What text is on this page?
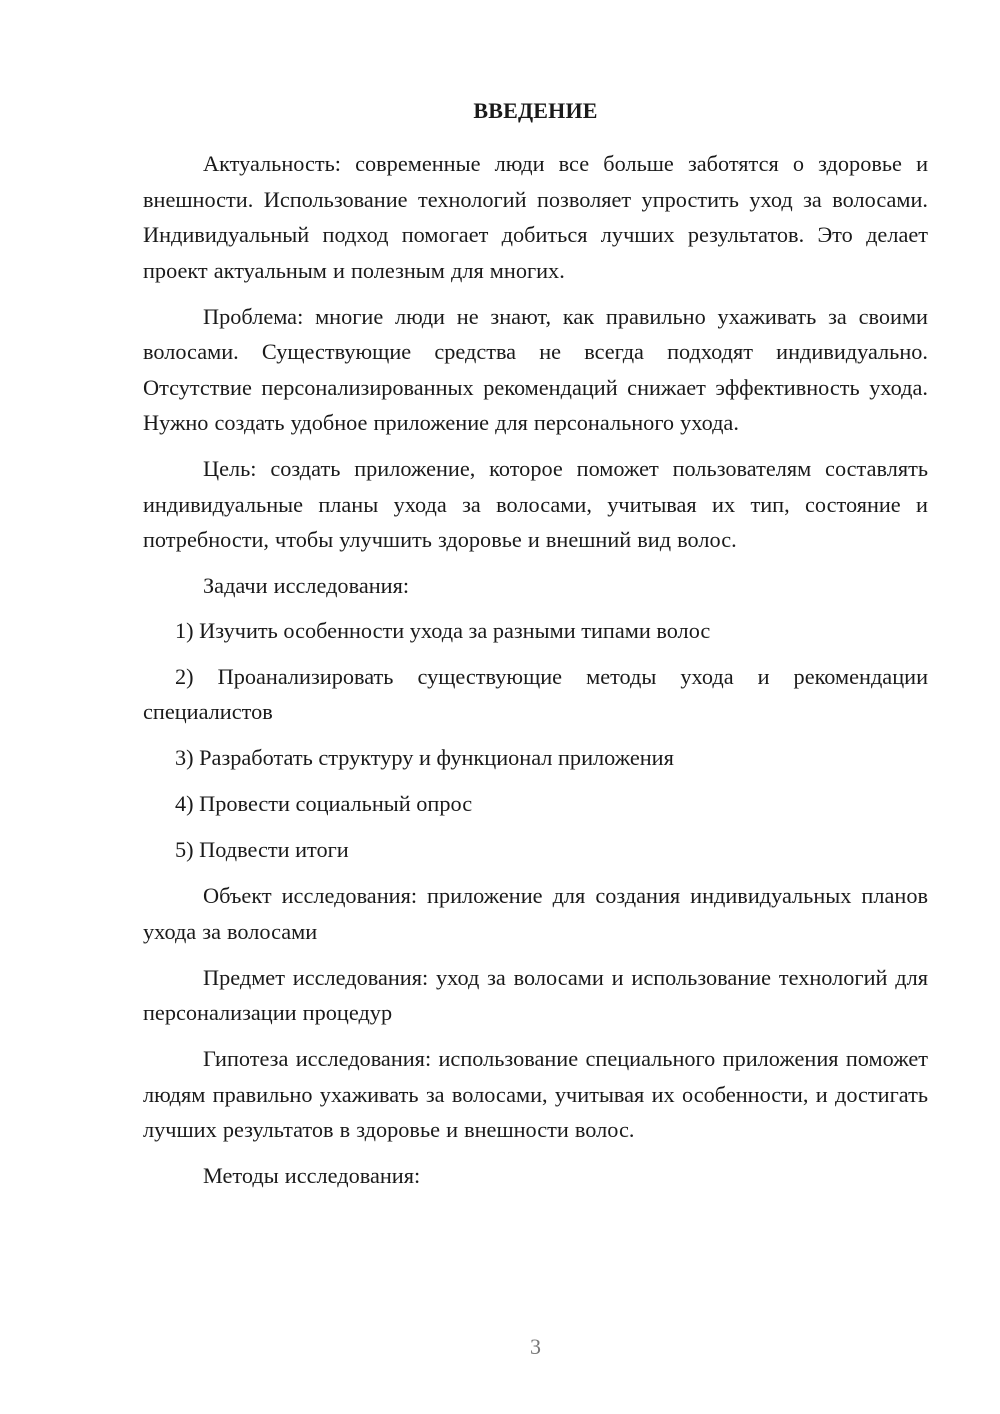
ВВЕДЕНИЕ

Актуальность: современные люди все больше заботятся о здоровье и внешности. Использование технологий позволяет упростить уход за волосами. Индивидуальный подход помогает добиться лучших результатов. Это делает проект актуальным и полезным для многих.

Проблема: многие люди не знают, как правильно ухаживать за своими волосами. Существующие средства не всегда подходят индивидуально. Отсутствие персонализированных рекомендаций снижает эффективность ухода. Нужно создать удобное приложение для персонального ухода.

Цель: создать приложение, которое поможет пользователям составлять индивидуальные планы ухода за волосами, учитывая их тип, состояние и потребности, чтобы улучшить здоровье и внешний вид волос.

Задачи исследования:

1) Изучить особенности ухода за разными типами волос

2) Проанализировать существующие методы ухода и рекомендации специалистов

3) Разработать структуру и функционал приложения

4) Провести социальный опрос

5) Подвести итоги

Объект исследования: приложение для создания индивидуальных планов ухода за волосами

Предмет исследования: уход за волосами и использование технологий для персонализации процедур

Гипотеза исследования: использование специального приложения поможет людям правильно ухаживать за волосами, учитывая их особенности, и достигать лучших результатов в здоровье и внешности волос.

Методы исследования:

3
